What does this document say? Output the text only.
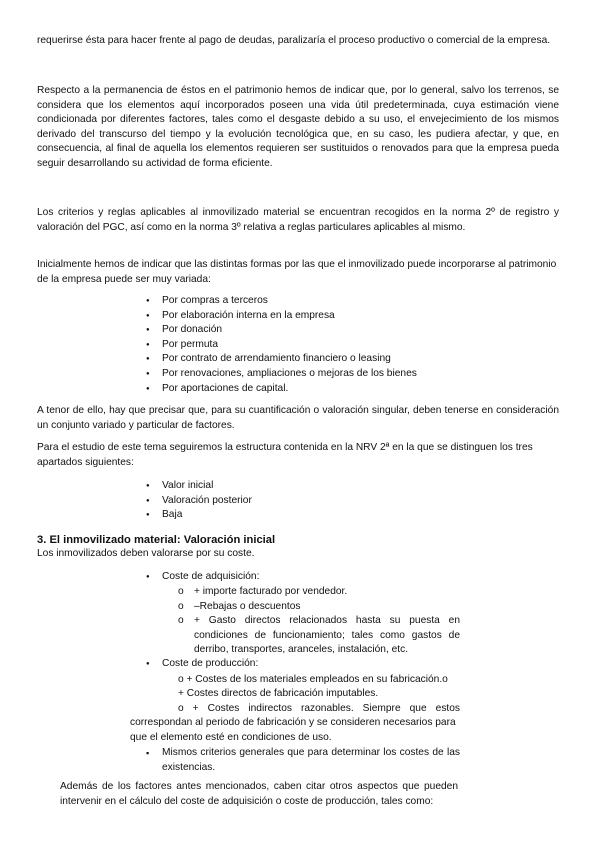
requerirse ésta para hacer frente al pago de deudas, paralizaría el proceso productivo o comercial de la empresa.

Respecto a la permanencia de éstos en el patrimonio hemos de indicar que, por lo general, salvo los terrenos, se considera que los elementos aquí incorporados poseen una vida útil predeterminada, cuya estimación viene condicionada por diferentes factores, tales como el desgaste debido a su uso, el envejecimiento de los mismos derivado del transcurso del tiempo y la evolución tecnológica que, en su caso, les pudiera afectar, y que, en consecuencia, al final de aquella los elementos requieren ser sustituidos o renovados para que la empresa pueda seguir desarrollando su actividad de forma eficiente.

Los criterios y reglas aplicables al inmovilizado material se encuentran recogidos en la norma 2º de registro y valoración del PGC, así como en la norma 3º relativa a reglas particulares aplicables al mismo.

Inicialmente hemos de indicar que las distintas formas por las que el inmovilizado puede incorporarse al patrimonio de la empresa puede ser muy variada:

● Por compras a terceros
● Por elaboración interna en la empresa
● Por donación
● Por permuta
● Por contrato de arrendamiento financiero o leasing
● Por renovaciones, ampliaciones o mejoras de los bienes
● Por aportaciones de capital.

A tenor de ello, hay que precisar que, para su cuantificación o valoración singular, deben tenerse en consideración un conjunto variado y particular de factores.

Para el estudio de este tema seguiremos la estructura contenida en la NRV 2ª en la que se distinguen los tres apartados siguientes:

● Valor inicial
● Valoración posterior
● Baja
3. El inmovilizado material: Valoración inicial

Los inmovilizados deben valorarse por su coste.

● Coste de adquisición:
o + importe facturado por vendedor.
o –Rebajas o descuentos
o	+ Gasto directos relacionados hasta su puesta en condiciones de funcionamiento; tales como gastos de derribo, transportes, aranceles, instalación, etc.
● Coste de producción:
o + Costes de los materiales empleados en su fabricación.o
+ Costes directos de fabricación imputables.
o + Costes indirectos razonables. Siempre que estos
correspondan al periodo de fabricación y se consideren necesarios para que el elemento esté en condiciones de uso.
▪ Mismos criterios generales que para determinar los costes de las existencias.

Además de los factores antes mencionados, caben citar otros aspectos que pueden intervenir en el cálculo del coste de adquisición o coste de producción, tales como:
